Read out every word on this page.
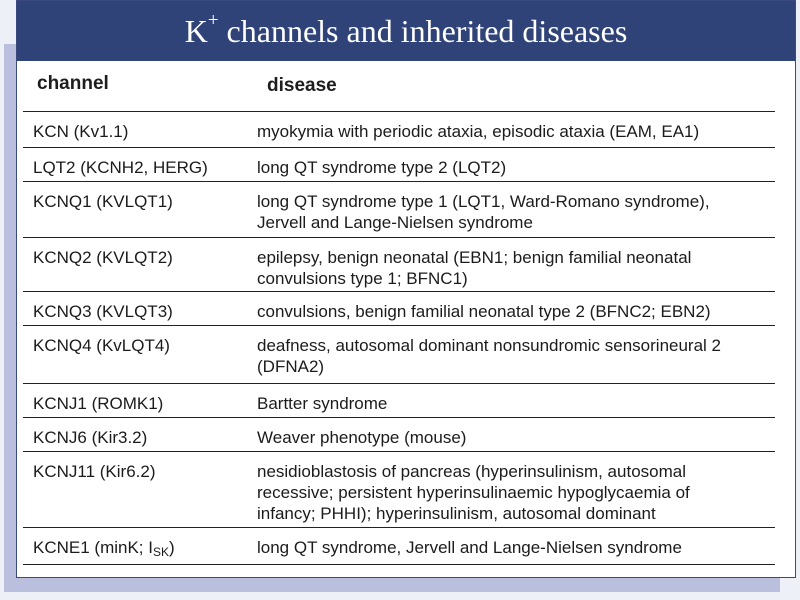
K+ channels and inherited diseases
channel	disease
KCN (Kv1.1)	myokymia with periodic ataxia, episodic ataxia (EAM, EA1)
LQT2 (KCNH2, HERG)	long QT syndrome type 2 (LQT2)
KCNQ1 (KVLQT1)	long QT syndrome type 1 (LQT1, Ward-Romano syndrome),
Jervell and Lange-Nielsen syndrome
KCNQ2 (KVLQT2)	epilepsy, benign neonatal (EBN1; benign familial neonatal
convulsions type 1; BFNC1)
KCNQ3 (KVLQT3)	convulsions, benign familial neonatal type 2 (BFNC2; EBN2)
KCNQ4 (KvLQT4)	deafness, autosomal dominant nonsundromic sensorineural 2
(DFNA2)
KCNJ1 (ROMK1)	Bartter syndrome
KCNJ6 (Kir3.2)	Weaver phenotype (mouse)
KCNJ11 (Kir6.2)	nesidioblastosis of pancreas (hyperinsulinism, autosomal
recessive; persistent hyperinsulinaemic hypoglycaemia of
infancy; PHHI); hyperinsulinism, autosomal dominant
KCNE1 (minK; $I_{SK}$)	long QT syndrome, Jervell and Lange-Nielsen syndrome
